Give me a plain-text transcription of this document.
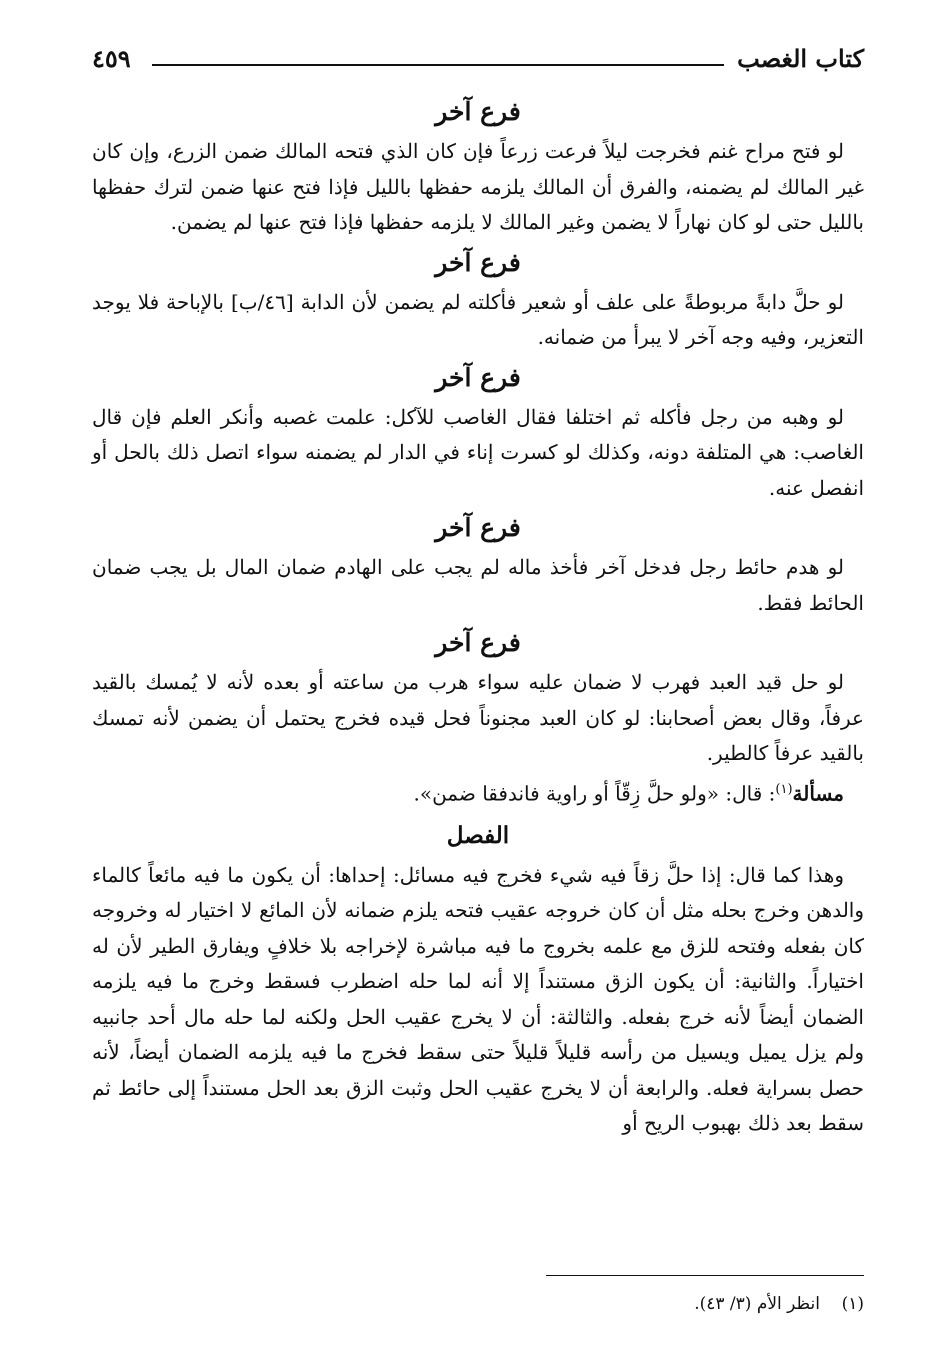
كتاب الغصب
٤٥٩
فرع آخر

لو فتح مراح غنم فخرجت ليلاً فرعت زرعاً فإن كان الذي فتحه المالك ضمن الزرع، وإن كان غير المالك لم يضمنه، والفرق أن المالك يلزمه حفظها بالليل فإذا فتح عنها ضمن لترك حفظها بالليل حتى لو كان نهاراً لا يضمن وغير المالك لا يلزمه حفظها فإذا فتح عنها لم يضمن.

فرع آخر

لو حلَّ دابةً مربوطةً على علف أو شعير فأكلته لم يضمن لأن الدابة [٤٦/ب] بالإباحة فلا يوجد التعزير، وفيه وجه آخر لا يبرأ من ضمانه.

فرع آخر

لو وهبه من رجل فأكله ثم اختلفا فقال الغاصب للآكل: علمت غصبه وأنكر العلم فإن قال الغاصب: هي المتلفة دونه، وكذلك لو كسرت إناء في الدار لم يضمنه سواء اتصل ذلك بالحل أو انفصل عنه.

فرع آخر

لو هدم حائط رجل فدخل آخر فأخذ ماله لم يجب على الهادم ضمان المال بل يجب ضمان الحائط فقط.

فرع آخر

لو حل قيد العبد فهرب لا ضمان عليه سواء هرب من ساعته أو بعده لأنه لا يُمسك بالقيد عرفاً، وقال بعض أصحابنا: لو كان العبد مجنوناً فحل قيده فخرج يحتمل أن يضمن لأنه تمسك بالقيد عرفاً كالطير.

مسألة$^{(١)}$: قال: «ولو حلَّ زِقّاً أو راوية فاندفقا ضمن».

الفصل

وهذا كما قال: إذا حلَّ زقاً فيه شيء فخرج فيه مسائل: إحداها: أن يكون ما فيه مائعاً كالماء والدهن وخرج بحله مثل أن كان خروجه عقيب فتحه يلزم ضمانه لأن المائع لا اختيار له وخروجه كان بفعله وفتحه للزق مع علمه بخروج ما فيه مباشرة لإخراجه بلا خلافٍ ويفارق الطير لأن له اختياراً. والثانية: أن يكون الزق مستنداً إلا أنه لما حله اضطرب فسقط وخرج ما فيه يلزمه الضمان أيضاً لأنه خرج بفعله. والثالثة: أن لا يخرج عقيب الحل ولكنه لما حله مال أحد جانبيه ولم يزل يميل ويسيل من رأسه قليلاً قليلاً حتى سقط فخرج ما فيه يلزمه الضمان أيضاً، لأنه حصل بسراية فعله. والرابعة أن لا يخرج عقيب الحل وثبت الزق بعد الحل مستنداً إلى حائط ثم سقط بعد ذلك بهبوب الريح أو

(١)    انظر الأم (٣/ ٤٣).
